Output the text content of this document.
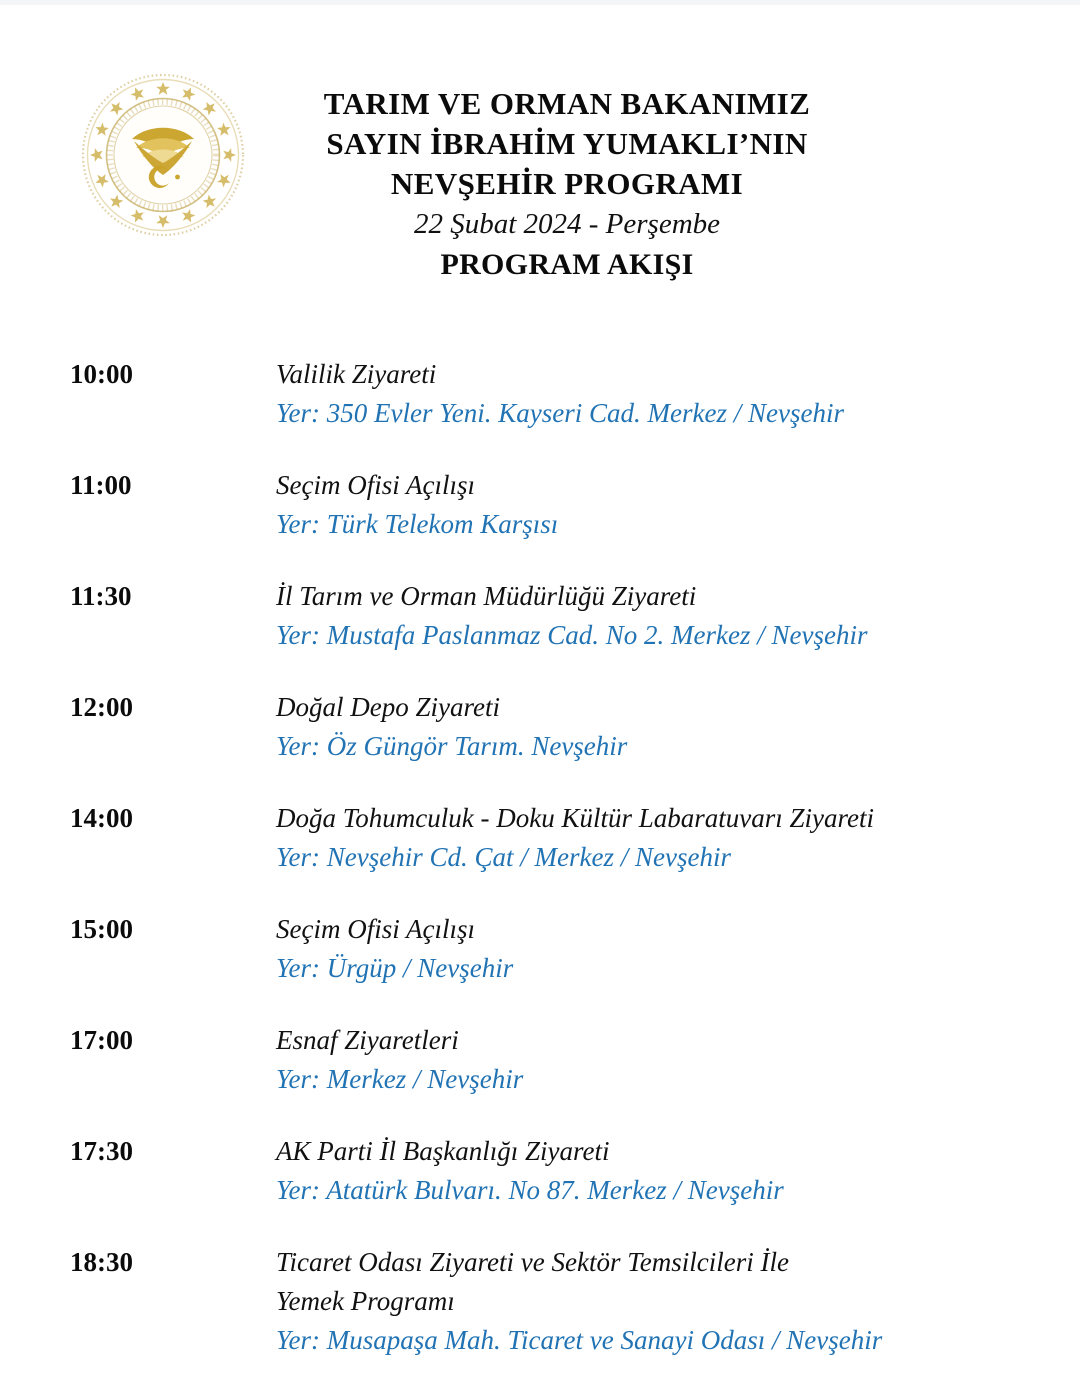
TARIM VE ORMAN BAKANIMIZ
SAYIN İBRAHİM YUMAKLI’NIN
NEVŞEHİR PROGRAMI
22 Şubat 2024 - Perşembe
PROGRAM AKIŞI
10:00	Valilik Ziyareti
Yer: 350 Evler Yeni. Kayseri Cad. Merkez / Nevşehir
11:00	Seçim Ofisi Açılışı
Yer: Türk Telekom Karşısı
11:30	İl Tarım ve Orman Müdürlüğü Ziyareti
Yer: Mustafa Paslanmaz Cad. No 2. Merkez / Nevşehir
12:00	Doğal Depo Ziyareti
Yer: Öz Güngör Tarım. Nevşehir
14:00	Doğa Tohumculuk - Doku Kültür Labaratuvarı Ziyareti
Yer: Nevşehir Cd. Çat / Merkez / Nevşehir
15:00	Seçim Ofisi Açılışı
Yer: Ürgüp / Nevşehir
17:00	Esnaf Ziyaretleri
Yer: Merkez / Nevşehir
17:30	AK Parti İl Başkanlığı Ziyareti
Yer: Atatürk Bulvarı. No 87. Merkez / Nevşehir
18:30	Ticaret Odası Ziyareti ve Sektör Temsilcileri İle
Yemek Programı
Yer: Musapaşa Mah. Ticaret ve Sanayi Odası / Nevşehir
